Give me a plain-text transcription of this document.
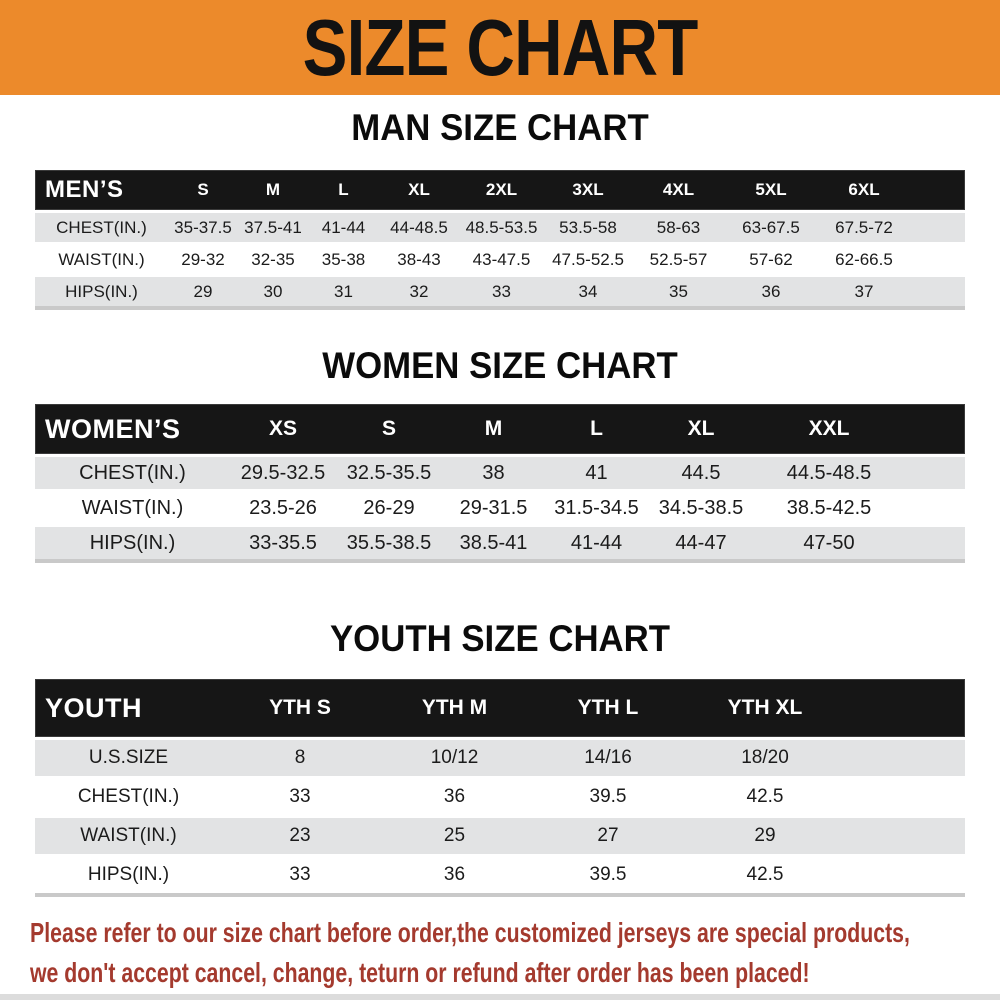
SIZE CHART
MAN SIZE CHART
MEN’S	S	M	L	XL	2XL	3XL	4XL	5XL	6XL
CHEST(IN.)	35-37.5 37.5-41	41-44	44-48.5	48.5-53.5	53.5-58	58-63	63-67.5	67.5-72
WAIST(IN.)	29-32	32-35	35-38	38-43	43-47.5	47.5-52.5	52.5-57	57-62	62-66.5
HIPS(IN.)	29	30	31	32	33	34	35	36	37
WOMEN SIZE CHART
WOMEN’S	XS	S	M	L	XL	XXL
CHEST(IN.)	29.5-32.5	32.5-35.5	38	41	44.5	44.5-48.5
WAIST(IN.)	23.5-26	26-29	29-31.5	31.5-34.5 34.5-38.5	38.5-42.5
HIPS(IN.)	33-35.5	35.5-38.5	38.5-41	41-44	44-47	47-50
YOUTH SIZE CHART
YOUTH	YTH S	YTH M	YTH L	YTH XL
U.S.SIZE	8	10/12	14/16	18/20
CHEST(IN.)	33	36	39.5	42.5
WAIST(IN.)	23	25	27	29
HIPS(IN.)	33	36	39.5	42.5
Please refer to our size chart before order,the customized jerseys are special products,
we don't accept cancel, change, teturn or refund after order has been placed!
